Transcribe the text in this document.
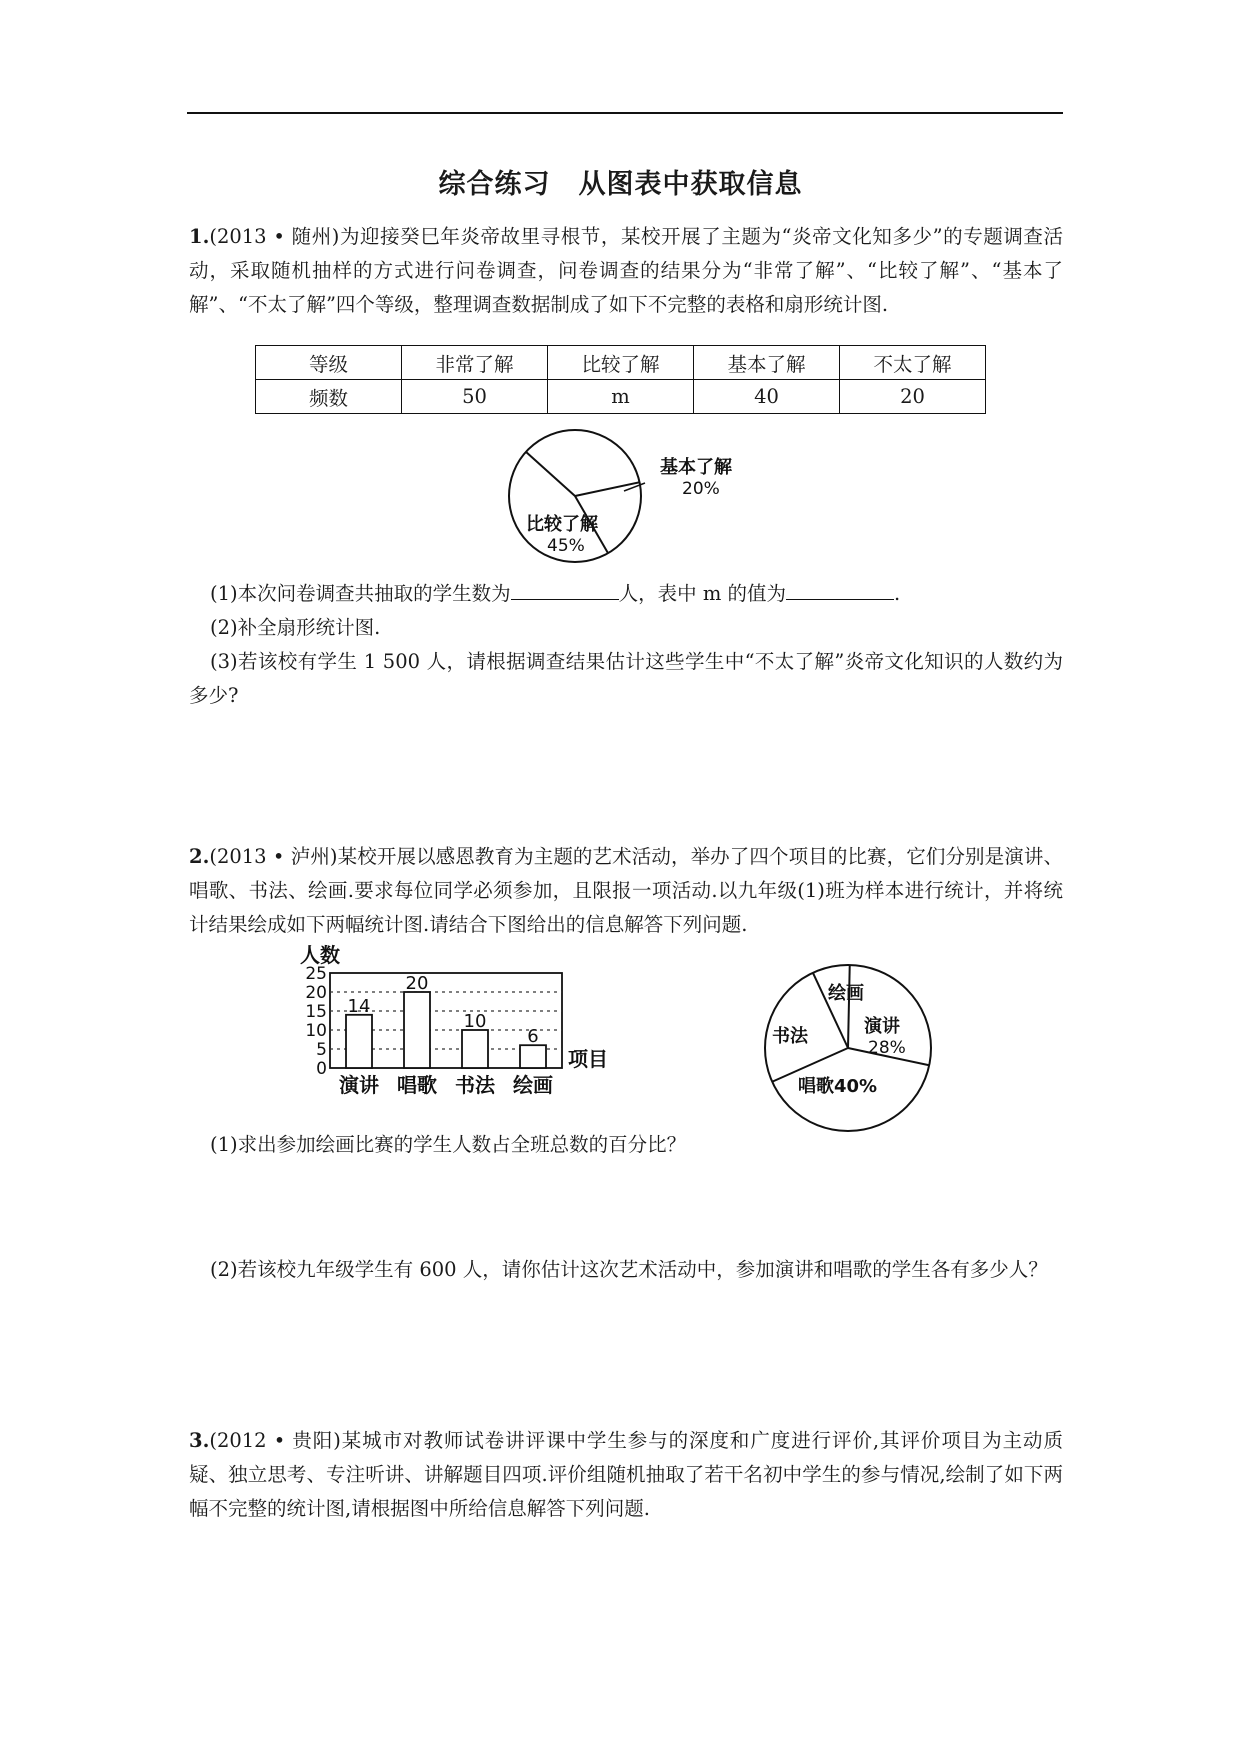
综合练习　从图表中获取信息
1.(2013 • 随州)为迎接癸巳年炎帝故里寻根节，某校开展了主题为“炎帝文化知多少”的专题调查活动，采取随机抽样的方式进行问卷调查，问卷调查的结果分为“非常了解”、“比较了解”、“基本了解”、“不太了解”四个等级，整理调查数据制成了如下不完整的表格和扇形统计图.
等级	非常了解	比较了解	基本了解	不太了解
频数	50	m	40	20
基本了解
20%
比较了解
45%
(1)本次问卷调查共抽取的学生数为	人，表中 m 的值为	.
(2)补全扇形统计图.
(3)若该校有学生 1 500 人，请根据调查结果估计这些学生中“不太了解”炎帝文化知识的人数约为多少?
2.(2013 • 泸州)某校开展以感恩教育为主题的艺术活动，举办了四个项目的比赛，它们分别是演讲、唱歌、书法、绘画.要求每位同学必须参加，且限报一项活动.以九年级(1)班为样本进行统计，并将统计结果绘成如下两幅统计图.请结合下图给出的信息解答下列问题.
人数
0
5
10
15
20
25
14
演讲
20
唱歌
10
书法
6
绘画
项目
绘画
演讲
28%
书法
唱歌40%
(1)求出参加绘画比赛的学生人数占全班总数的百分比？
(2)若该校九年级学生有 600 人，请你估计这次艺术活动中，参加演讲和唱歌的学生各有多少人？
3.(2012 • 贵阳)某城市对教师试卷讲评课中学生参与的深度和广度进行评价,其评价项目为主动质疑、独立思考、专注听讲、讲解题目四项.评价组随机抽取了若干名初中学生的参与情况,绘制了如下两幅不完整的统计图,请根据图中所给信息解答下列问题.
